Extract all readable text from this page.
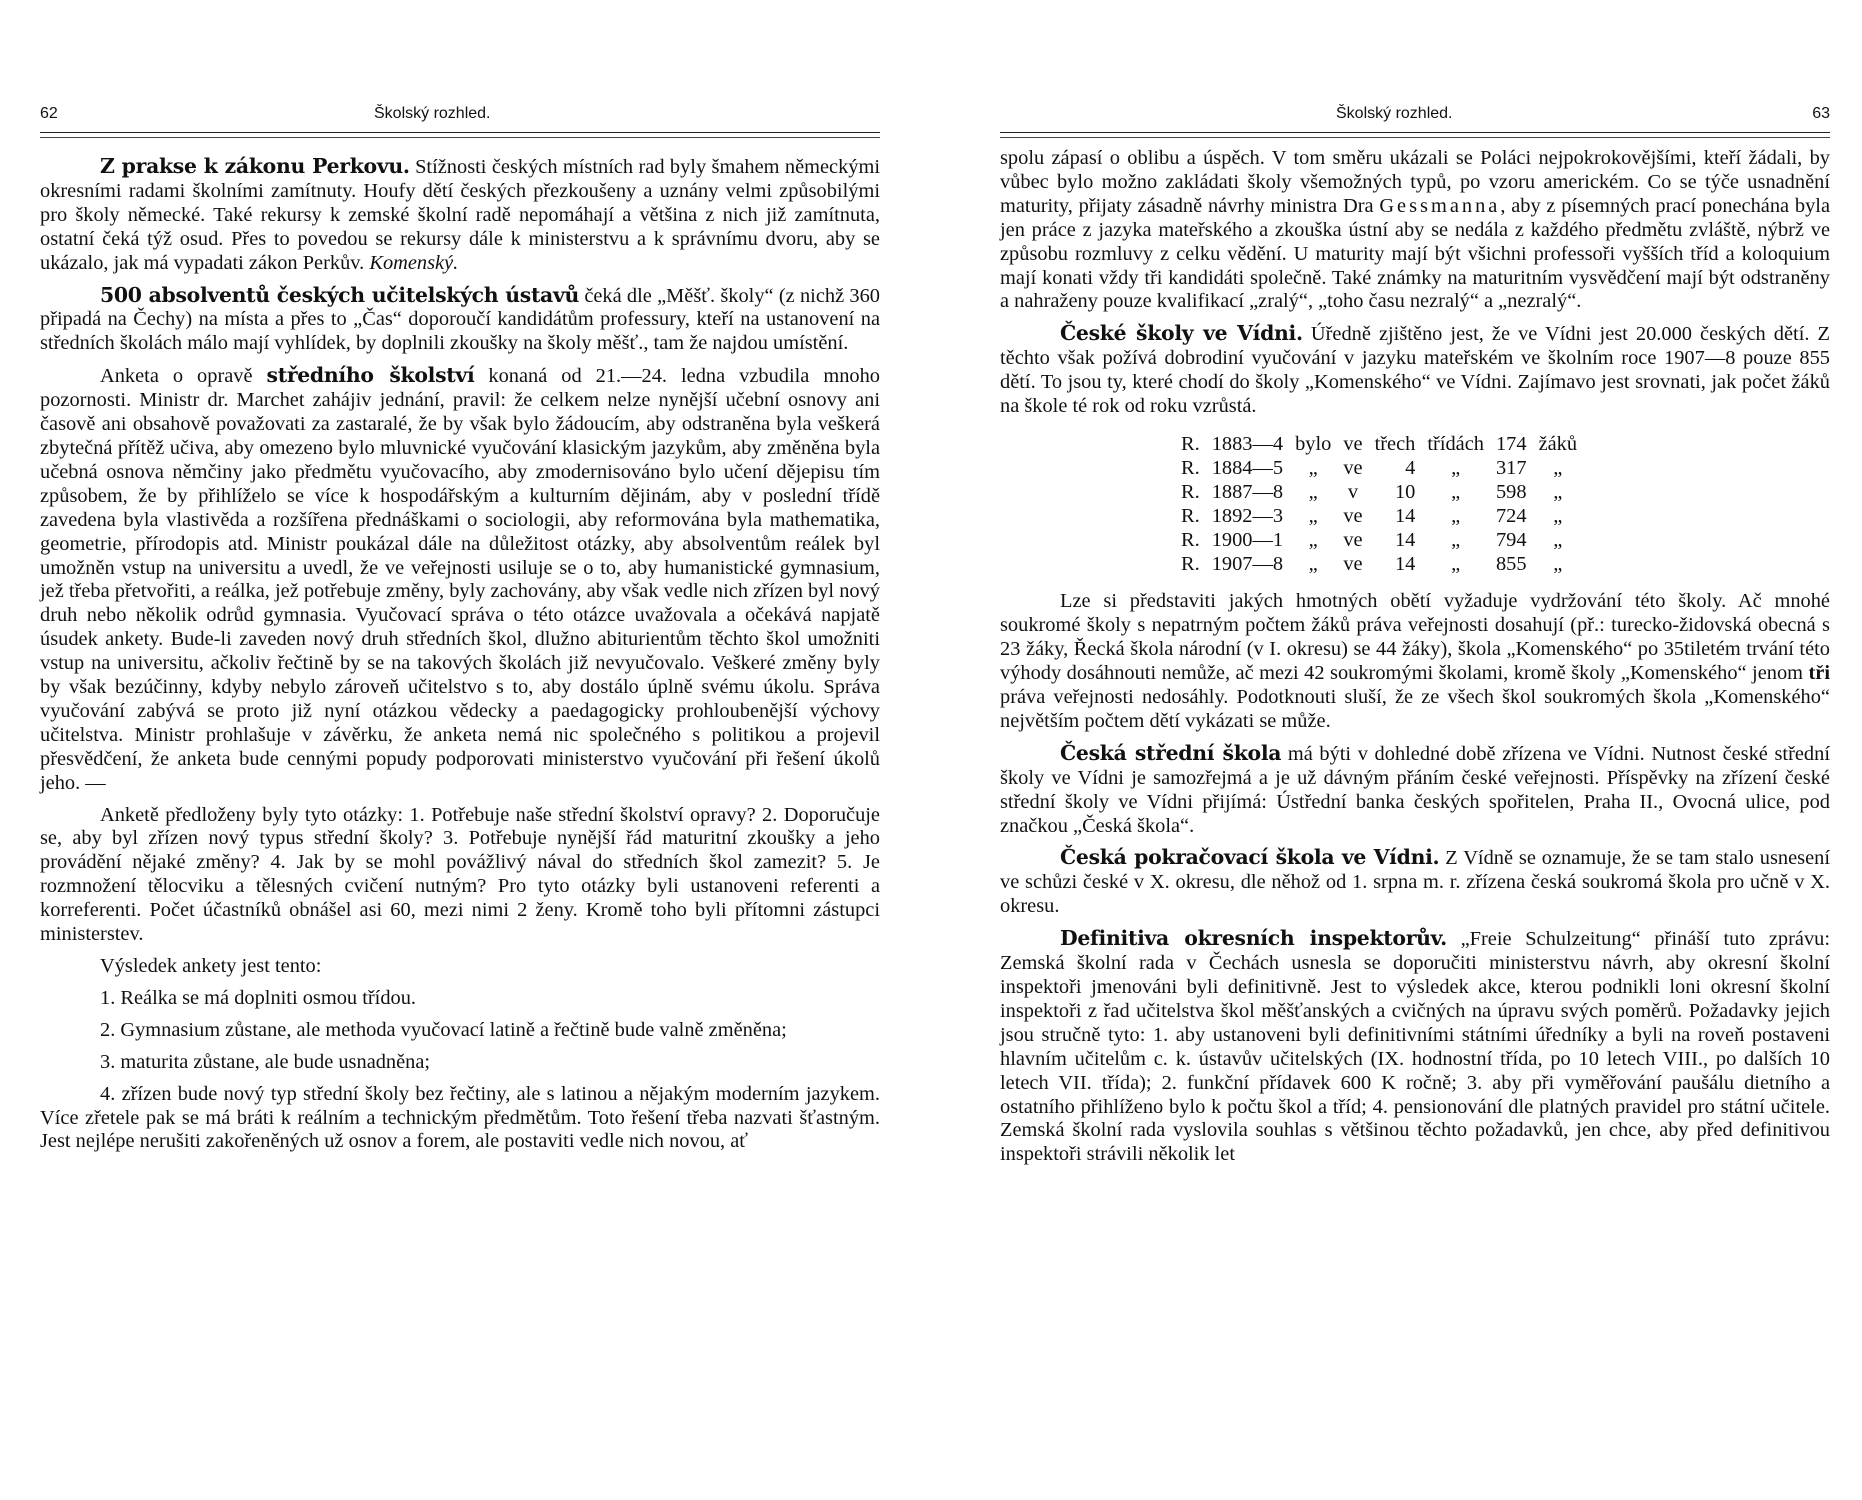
62	Školský rozhled.

Z prakse k zákonu Perkovu. Stížnosti českých místních rad byly šmahem německými okresními radami školními zamítnuty. Houfy dětí českých přezkoušeny a uznány velmi způsobilými pro školy německé. Také rekursy k zemské školní radě nepomáhají a většina z nich již zamítnuta, ostatní čeká týž osud. Přes to povedou se rekursy dále k ministerstvu a k správnímu dvoru, aby se ukázalo, jak má vypadati zákon Perkův. Komenský.

500 absolventů českých učitelských ústavů čeká dle „Měšť. školy“ (z nichž 360 připadá na Čechy) na místa a přes to „Čas“ doporoučí kandidátům professury, kteří na ustanovení na středních školách málo mají vyhlídek, by doplnili zkoušky na školy měšť., tam že najdou umístění.

Anketa o opravě středního školství konaná od 21.—24. ledna vzbudila mnoho pozornosti. Ministr dr. Marchet zahájiv jednání, pravil: že celkem nelze nynější učební osnovy ani časově ani obsahově považovati za zastaralé, že by však bylo žádoucím, aby odstraněna byla veškerá zbytečná přítěž učiva, aby omezeno bylo mluvnické vyučování klasickým jazykům, aby změněna byla učebná osnova němčiny jako předmětu vyučovacího, aby zmodernisováno bylo učení dějepisu tím způsobem, že by přihlíželo se více k hospodářským a kulturním dějinám, aby v poslední třídě zavedena byla vlastivěda a rozšířena přednáškami o sociologii, aby reformována byla mathematika, geometrie, přírodopis atd. Ministr poukázal dále na důležitost otázky, aby absolventům reálek byl umožněn vstup na universitu a uvedl, že ve veřejnosti usiluje se o to, aby humanistické gymnasium, jež třeba přetvořiti, a reálka, jež potřebuje změny, byly zachovány, aby však vedle nich zřízen byl nový druh nebo několik odrůd gymnasia. Vyučovací správa o této otázce uvažovala a očekává napjatě úsudek ankety. Bude-li zaveden nový druh středních škol, dlužno abiturientům těchto škol umožniti vstup na universitu, ačkoliv řečtině by se na takových školách již nevyučovalo. Veškeré změny byly by však bezúčinny, kdyby nebylo zároveň učitelstvo s to, aby dostálo úplně svému úkolu. Správa vyučování zabývá se proto již nyní otázkou vědecky a paedagogicky prohloubenější výchovy učitelstva. Ministr prohlašuje v závěrku, že anketa nemá nic společného s politikou a projevil přesvědčení, že anketa bude cennými popudy podporovati ministerstvo vyučování při řešení úkolů jeho. —

Anketě předloženy byly tyto otázky: 1. Potřebuje naše střední školství opravy? 2. Doporučuje se, aby byl zřízen nový typus střední školy? 3. Potřebuje nynější řád maturitní zkoušky a jeho provádění nějaké změny? 4. Jak by se mohl povážlivý nával do středních škol zamezit? 5. Je rozmnožení tělocviku a tělesných cvičení nutným? Pro tyto otázky byli ustanoveni referenti a korreferenti. Počet účastníků obnášel asi 60, mezi nimi 2 ženy. Kromě toho byli přítomni zástupci ministerstev.

Výsledek ankety jest tento:

1. Reálka se má doplniti osmou třídou.

2. Gymnasium zůstane, ale methoda vyučovací latině a řečtině bude valně změněna;

3. maturita zůstane, ale bude usnadněna;

4. zřízen bude nový typ střední školy bez řečtiny, ale s latinou a nějakým moderním jazykem. Více zřetele pak se má bráti k reálním a technickým předmětům. Toto řešení třeba nazvati šťastným. Jest nejlépe nerušiti zakořeněných už osnov a forem, ale postaviti vedle nich novou, ať

Školský rozhled.	63

spolu zápasí o oblibu a úspěch. V tom směru ukázali se Poláci nejpokrokovějšími, kteří žádali, by vůbec bylo možno zakládati školy všemožných typů, po vzoru americkém. Co se týče usnadnění maturity, přijaty zásadně návrhy ministra Dra Gessmanna, aby z písemných prací ponechána byla jen práce z jazyka mateřského a zkouška ústní aby se nedála z každého předmětu zvláště, nýbrž ve způsobu rozmluvy z celku vědění. U maturity mají být všichni professoři vyšších tříd a koloquium mají konati vždy tři kandidáti společně. Také známky na maturitním vysvědčení mají být odstraněny a nahraženy pouze kvalifikací „zralý“, „toho času nezralý“ a „nezralý“.

České školy ve Vídni. Úředně zjištěno jest, že ve Vídni jest 20.000 českých dětí. Z těchto však požívá dobrodiní vyučování v jazyku mateřském ve školním roce 1907—8 pouze 855 dětí. To jsou ty, které chodí do školy „Komenského“ ve Vídni. Zajímavo jest srovnati, jak počet žáků na škole té rok od roku vzrůstá.

R.	1883—4	bylo	ve	třech	třídách	174	žáků
R.	1884—5	„	ve	4	„	317	„
R.	1887—8	„	v	10	„	598	„
R.	1892—3	„	ve	14	„	724	„
R.	1900—1	„	ve	14	„	794	„
R.	1907—8	„	ve	14	„	855	„

Lze si představiti jakých hmotných obětí vyžaduje vydržování této školy. Ač mnohé soukromé školy s nepatrným počtem žáků práva veřejnosti dosahují (př.: turecko-židovská obecná s 23 žáky, Řecká škola národní (v I. okresu) se 44 žáky), škola „Komenského“ po 35tiletém trvání této výhody dosáhnouti nemůže, ač mezi 42 soukromými školami, kromě školy „Komenského“ jenom tři práva veřejnosti nedosáhly. Podotknouti sluší, že ze všech škol soukromých škola „Komenského“ největším počtem dětí vykázati se může.

Česká střední škola má býti v dohledné době zřízena ve Vídni. Nutnost české střední školy ve Vídni je samozřejmá a je už dávným přáním české veřejnosti. Příspěvky na zřízení české střední školy ve Vídni přijímá: Ústřední banka českých spořitelen, Praha II., Ovocná ulice, pod značkou „Česká škola“.

Česká pokračovací škola ve Vídni. Z Vídně se oznamuje, že se tam stalo usnesení ve schůzi české v X. okresu, dle něhož od 1. srpna m. r. zřízena česká soukromá škola pro učně v X. okresu.

Definitiva okresních inspektorův. „Freie Schulzeitung“ přináší tuto zprávu: Zemská školní rada v Čechách usnesla se doporučiti ministerstvu návrh, aby okresní školní inspektoři jmenováni byli definitivně. Jest to výsledek akce, kterou podnikli loni okresní školní inspektoři z řad učitelstva škol měšťanských a cvičných na úpravu svých poměrů. Požadavky jejich jsou stručně tyto: 1. aby ustanoveni byli definitivními státními úředníky a byli na roveň postaveni hlavním učitelům c. k. ústavův učitelských (IX. hodnostní třída, po 10 letech VIII., po dalších 10 letech VII. třída); 2. funkční přídavek 600 K ročně; 3. aby při vyměřování paušálu dietního a ostatního přihlíženo bylo k počtu škol a tříd; 4. pensionování dle platných pravidel pro státní učitele. Zemská školní rada vyslovila souhlas s většinou těchto požadavků, jen chce, aby před definitivou inspektoři strávili několik let
